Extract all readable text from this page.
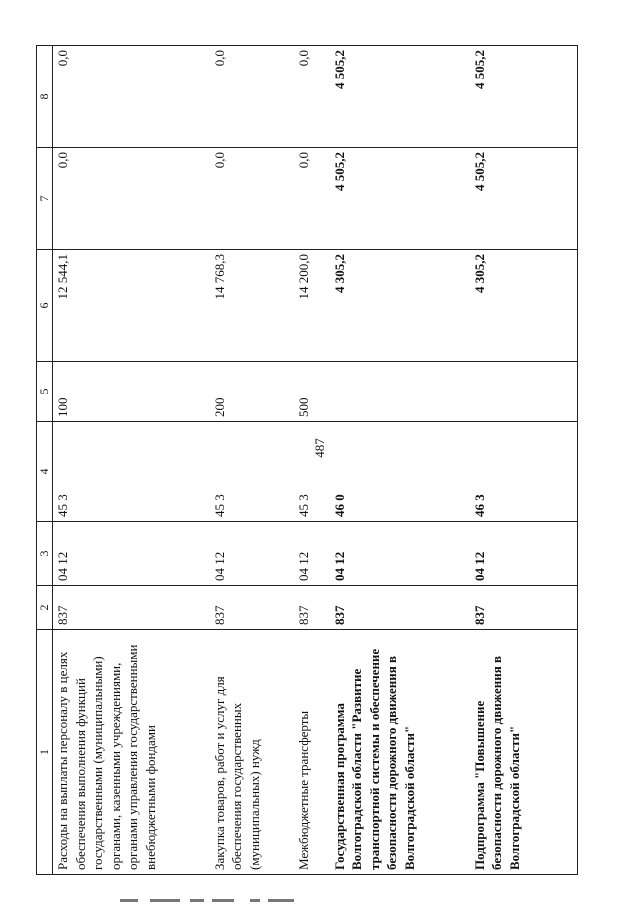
487
1	2	3	4	5	6	7	8
Расходы на выплаты персоналу в целях обеспечения выполнения функций государственными (муниципальными) органами, казенными учреждениями, органами управления государственными внебюджетными фондами	837	04 12	45 3	100	12 544,1	0,0	0,0
Закупка товаров, работ и услуг для обеспечения государственных (муниципальных) нужд	837	04 12	45 3	200	14 768,3	0,0	0,0
Межбюджетные трансферты	837	04 12	45 3	500	14 200,0	0,0	0,0
Государственная программа Волгоградской области "Развитие транспортной системы и обеспечение безопасности дорожного движения в Волгоградской области"	837	04 12	46 0		4 305,2	4 505,2	4 505,2
Подпрограмма "Повышение безопасности дорожного движения в Волгоградской области"	837	04 12	46 3		4 305,2	4 505,2	4 505,2
